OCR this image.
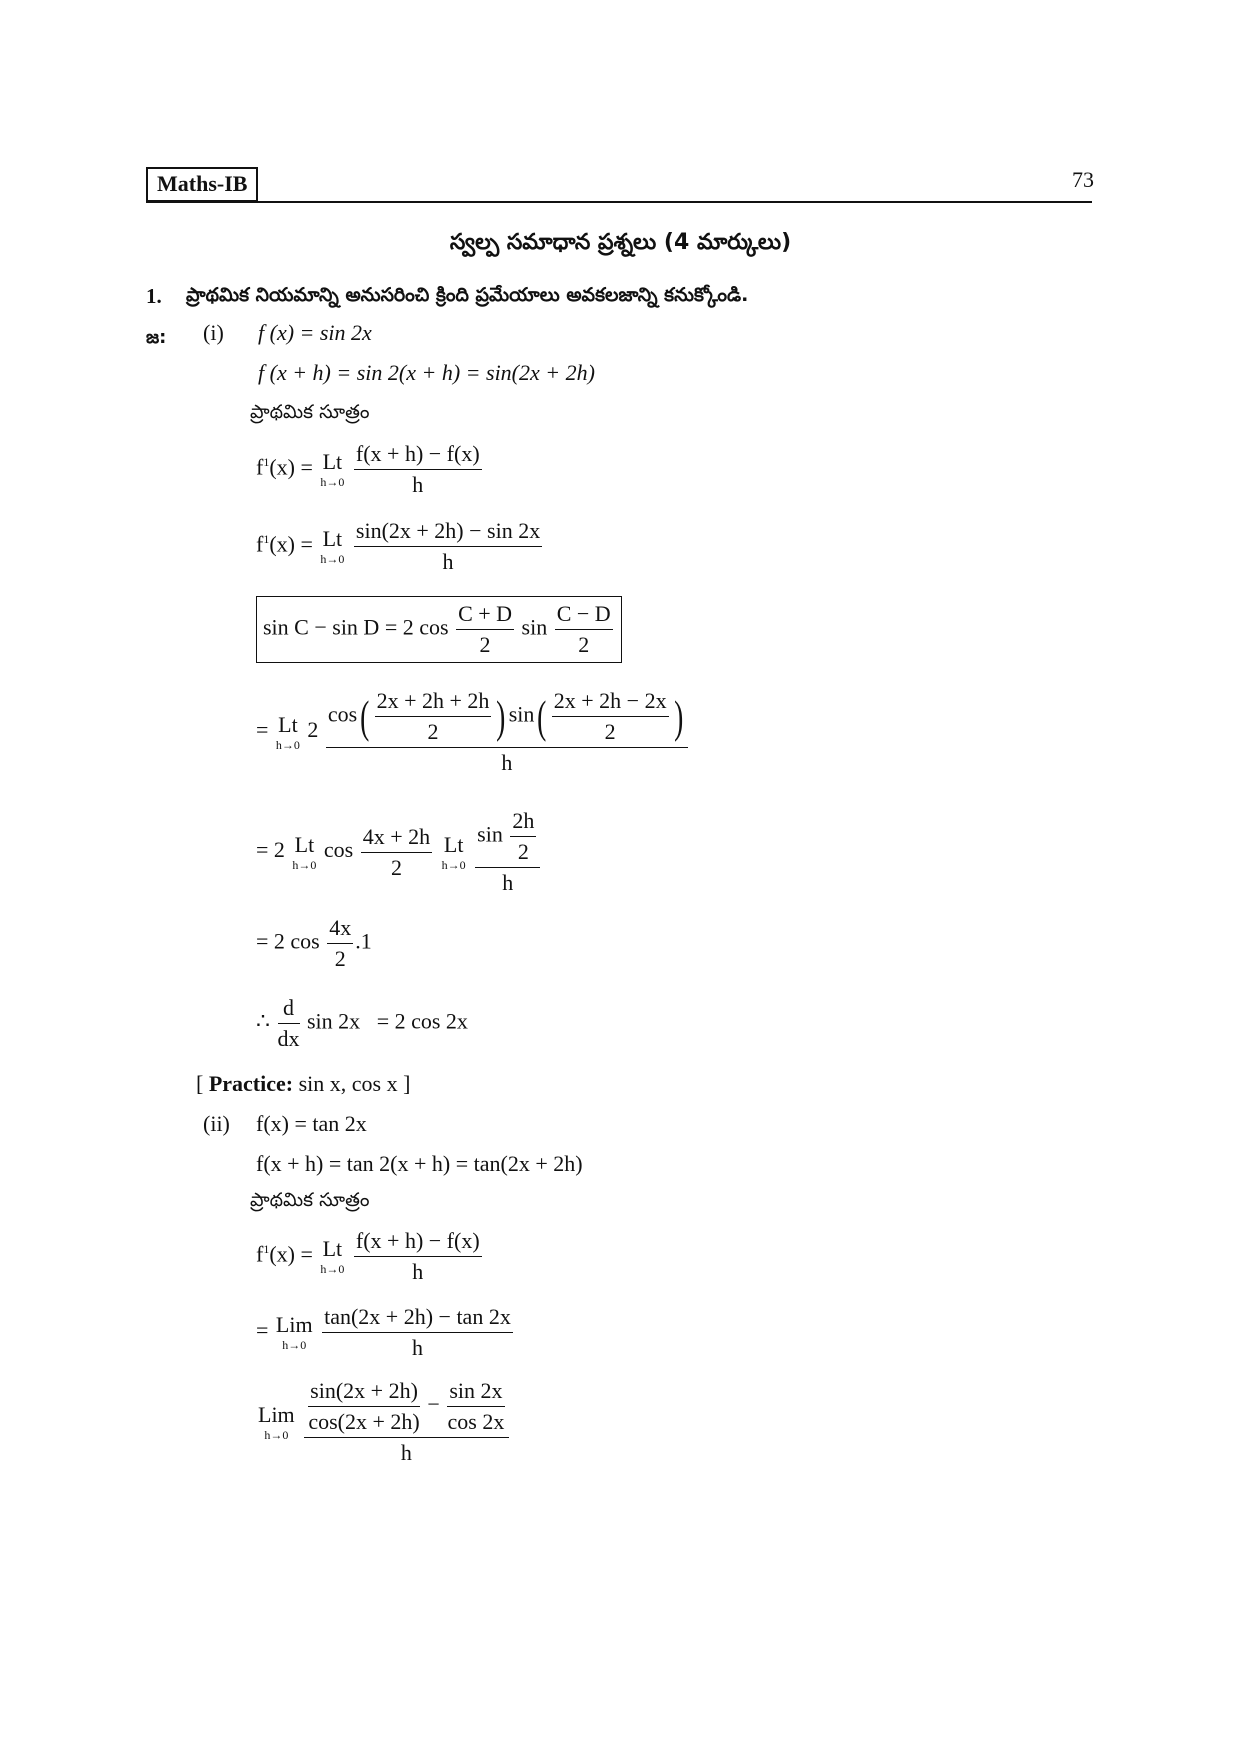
Maths-IB	73
స్వల్ప సమాధాన ప్రశ్నలు (4 మార్కులు)
1. ప్రాథమిక నియమాన్ని అనుసరించి క్రింది ప్రమేయాలు అవకలజాన్ని కనుక్కోండి.
జ: (i) f (x) = sin 2x
f (x + h) = sin 2(x + h) = sin(2x + 2h)
ప్రాథమిక సూత్రం
$f^1(x) = Lt$
h→0
$\frac{f(x + h) - f(x)}{h}$
$f^1(x) = Lt$
h→0
$\frac{\sin(2x + 2h) - \sin 2x}{h}$
sin C − sin D = 2 $\cos \frac{C + D}{2}$ $\sin \frac{C - D}{2}$
= Lt
h→0
$2 \frac{\cos( \frac{2x + 2h + 2h}{2} ) \sin( \frac{2x + 2h - 2x}{2} )}{h}$
= 2 Lt
h→0
$\cos \frac{4x + 2h}{2}$
Lt
h→0
$\frac{\sin \frac{2h}{2}}{h}$
= 2 $\cos \frac{4x}{2} .1$
∴ $\frac{d}{dx}$ sin 2x = 2 cos 2x
[ Practice: sin x, cos x ]
(ii) f(x) = tan 2x
f(x + h) = tan 2(x + h) = tan(2x + 2h)
ప్రాథమిక సూత్రం
$f^1(x) = Lt$
h→0
$\frac{f(x + h) - f(x)}{h}$
= Lim
h→0
$\frac{\tan(2x + 2h) - \tan 2x}{h}$
Lim
h→0
$\frac{\frac{\sin(2x + 2h)}{\cos(2x + 2h)} - \frac{\sin 2x}{\cos 2x}}{h}$
